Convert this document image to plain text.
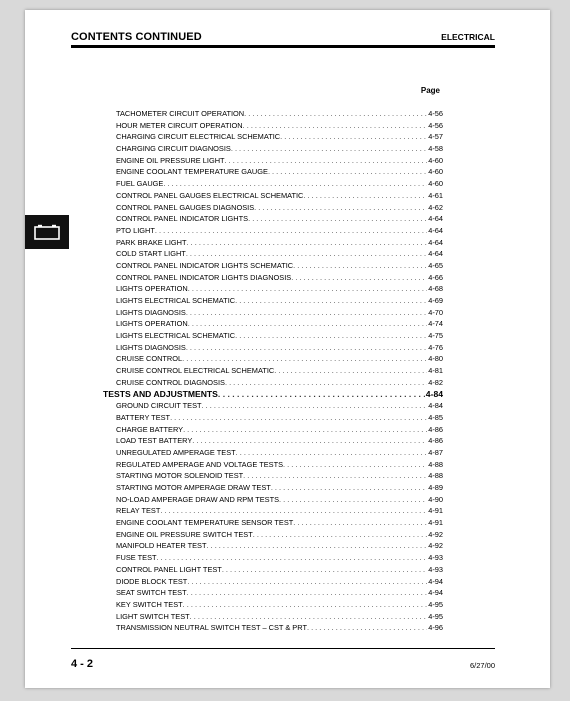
CONTENTS CONTINUED	ELECTRICAL
Page
TACHOMETER CIRCUIT OPERATION . . .	4-56
HOUR METER CIRCUIT OPERATION . . .	4-56
CHARGING CIRCUIT ELECTRICAL SCHEMATIC . . .	4-57
CHARGING CIRCUIT DIAGNOSIS . . .	4-58
ENGINE OIL PRESSURE LIGHT . . .	4-60
ENGINE COOLANT TEMPERATURE GAUGE . . .	4-60
FUEL GAUGE . . .	4-60
CONTROL PANEL GAUGES ELECTRICAL SCHEMATIC . . .	4-61
CONTROL PANEL GAUGES DIAGNOSIS . . .	4-62
CONTROL PANEL INDICATOR LIGHTS . . .	4-64
PTO LIGHT . . .	4-64
PARK BRAKE LIGHT . . .	4-64
COLD START LIGHT . . .	4-64
CONTROL PANEL INDICATOR LIGHTS SCHEMATIC . . .	4-65
CONTROL PANEL INDICATOR LIGHTS DIAGNOSIS . . .	4-66
LIGHTS OPERATION . . .	4-68
LIGHTS ELECTRICAL SCHEMATIC . . .	4-69
LIGHTS DIAGNOSIS . . .	4-70
LIGHTS OPERATION . . .	4-74
LIGHTS ELECTRICAL SCHEMATIC . . .	4-75
LIGHTS DIAGNOSIS . . .	4-76
CRUISE CONTROL . . .	4-80
CRUISE CONTROL ELECTRICAL SCHEMATIC . . .	4-81
CRUISE CONTROL DIAGNOSIS . . .	4-82
TESTS AND ADJUSTMENTS . . .	4-84
GROUND CIRCUIT TEST . . .	4-84
BATTERY TEST . . .	4-85
CHARGE BATTERY . . .	4-86
LOAD TEST BATTERY . . .	4-86
UNREGULATED AMPERAGE TEST . . .	4-87
REGULATED AMPERAGE AND VOLTAGE TESTS . . .	4-88
STARTING MOTOR SOLENOID TEST . . .	4-88
STARTING MOTOR AMPERAGE DRAW TEST . . .	4-89
NO-LOAD AMPERAGE DRAW AND RPM TESTS . . .	4-90
RELAY TEST . . .	4-91
ENGINE COOLANT TEMPERATURE SENSOR TEST . . .	4-91
ENGINE OIL PRESSURE SWITCH TEST . . .	4-92
MANIFOLD HEATER TEST . . .	4-92
FUSE TEST . . .	4-93
CONTROL PANEL LIGHT TEST . . .	4-93
DIODE BLOCK TEST . . .	4-94
SEAT SWITCH TEST . . .	4-94
KEY SWITCH TEST . . .	4-95
LIGHT SWITCH TEST . . .	4-95
TRANSMISSION NEUTRAL SWITCH TEST – CST & PRT . . .	4-96
4 - 2	6/27/00
